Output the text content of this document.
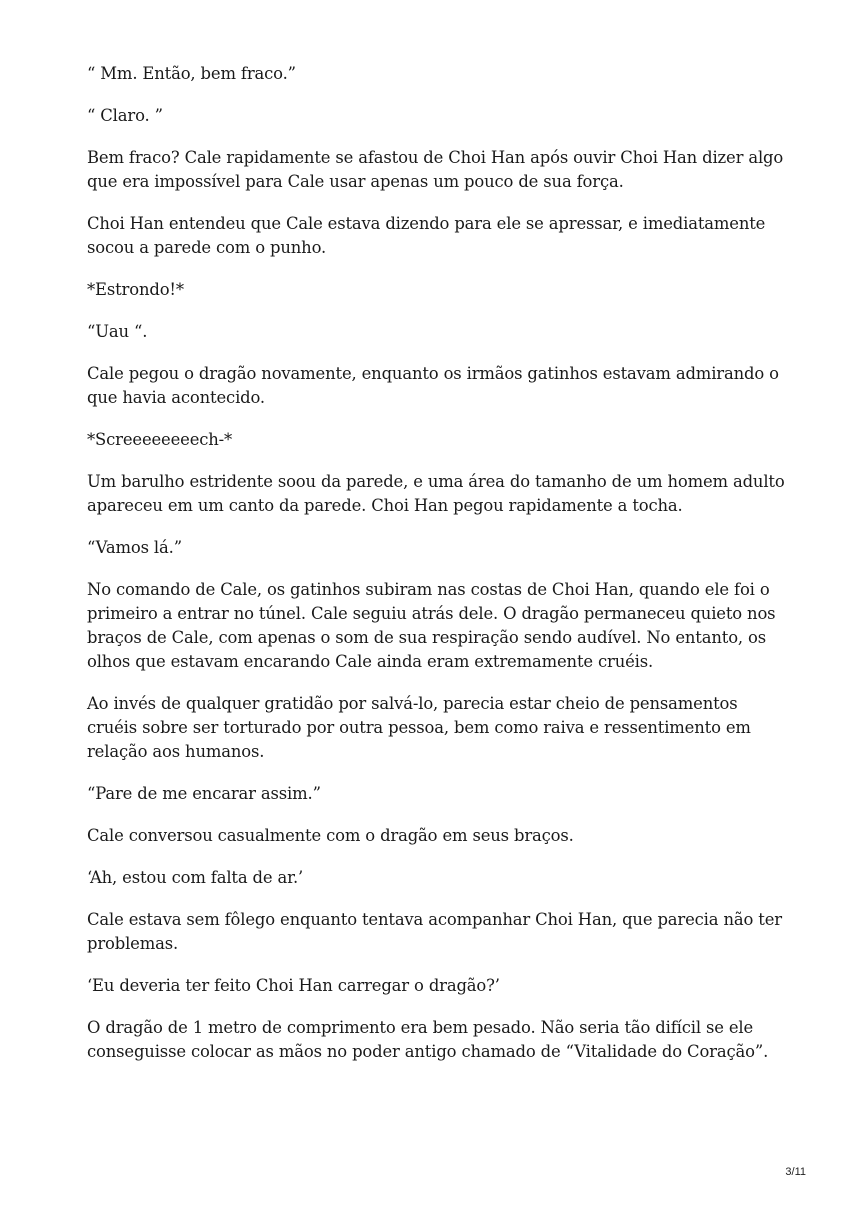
“ Mm. Então, bem fraco.”

“ Claro. ”

Bem fraco? Cale rapidamente se afastou de Choi Han após ouvir Choi Han dizer algo que era impossível para Cale usar apenas um pouco de sua força.

Choi Han entendeu que Cale estava dizendo para ele se apressar, e imediatamente socou a parede com o punho.

*Estrondo!*

“Uau “.

Cale pegou o dragão novamente, enquanto os irmãos gatinhos estavam admirando o que havia acontecido.

*Screeeeeeeech-*

Um barulho estridente soou da parede, e uma área do tamanho de um homem adulto apareceu em um canto da parede. Choi Han pegou rapidamente a tocha.

“Vamos lá.”

No comando de Cale, os gatinhos subiram nas costas de Choi Han, quando ele foi o primeiro a entrar no túnel. Cale seguiu atrás dele. O dragão permaneceu quieto nos braços de Cale, com apenas o som de sua respiração sendo audível. No entanto, os olhos que estavam encarando Cale ainda eram extremamente cruéis.

Ao invés de qualquer gratidão por salvá-lo, parecia estar cheio de pensamentos cruéis sobre ser torturado por outra pessoa, bem como raiva e ressentimento em relação aos humanos.

“Pare de me encarar assim.”

Cale conversou casualmente com o dragão em seus braços.

‘Ah, estou com falta de ar.’

Cale estava sem fôlego enquanto tentava acompanhar Choi Han, que parecia não ter problemas.

‘Eu deveria ter feito Choi Han carregar o dragão?’

O dragão de 1 metro de comprimento era bem pesado. Não seria tão difícil se ele conseguisse colocar as mãos no poder antigo chamado de “Vitalidade do Coração”.

3/11
